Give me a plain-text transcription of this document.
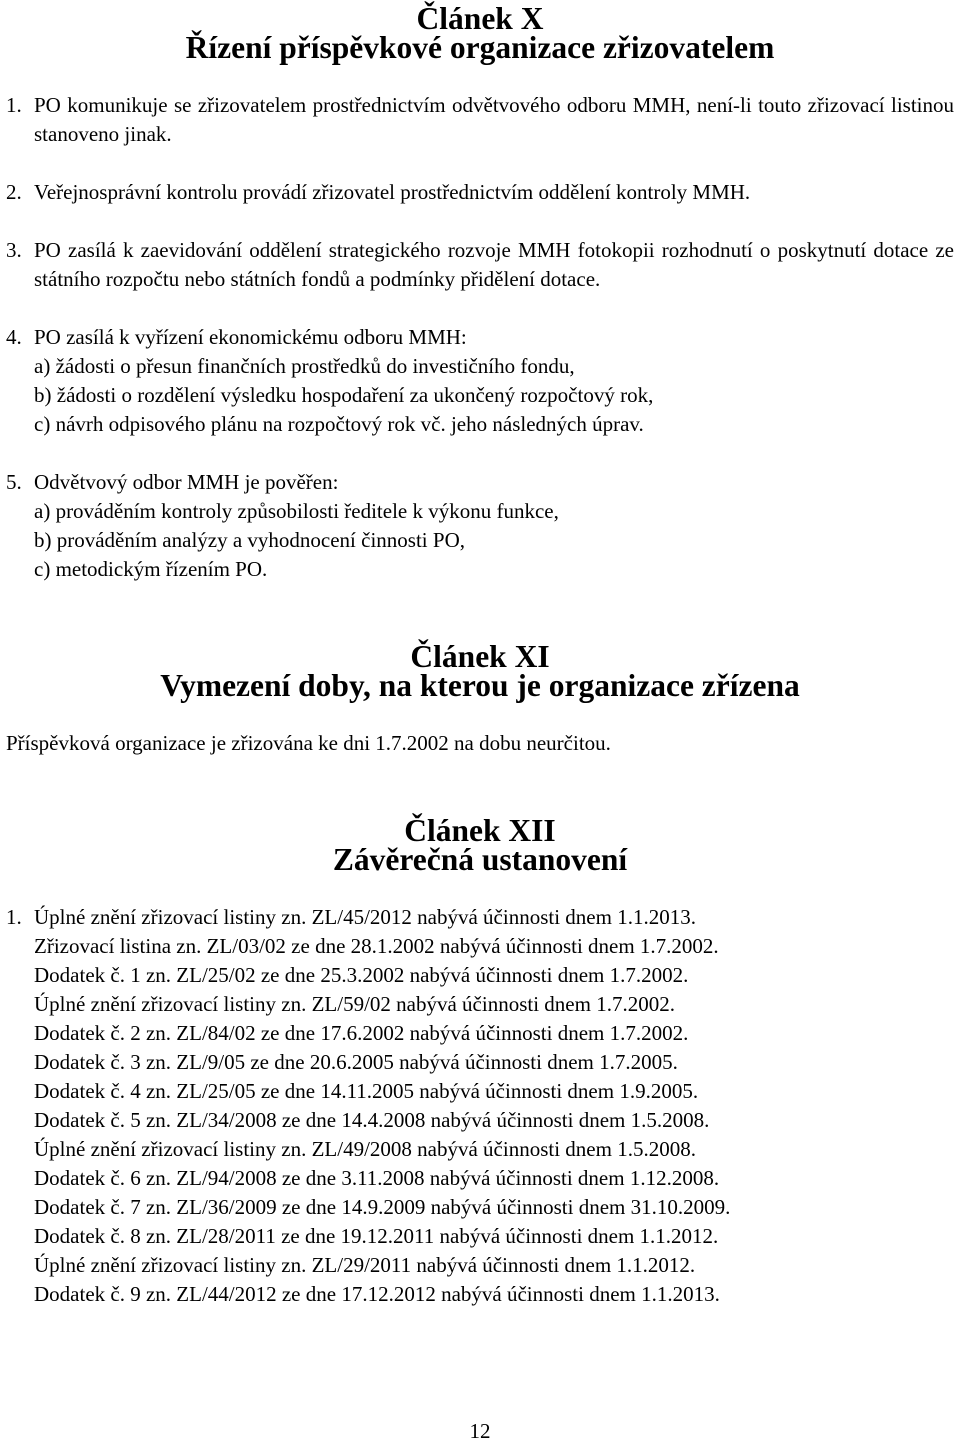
Článek X
Řízení příspěvkové organizace zřizovatelem

1. PO komunikuje se zřizovatelem prostřednictvím odvětvového odboru MMH, není-li touto zřizovací listinou stanoveno jinak.

2. Veřejnosprávní kontrolu provádí zřizovatel prostřednictvím oddělení kontroly MMH.

3. PO zasílá k zaevidování oddělení strategického rozvoje MMH fotokopii rozhodnutí o poskytnutí dotace ze státního rozpočtu nebo státních fondů a podmínky přidělení dotace.

4. PO zasílá k vyřízení ekonomickému odboru MMH:

a) žádosti o přesun finančních prostředků do investičního fondu,

b) žádosti o rozdělení výsledku hospodaření za ukončený rozpočtový rok,

c) návrh odpisového plánu na rozpočtový rok vč. jeho následných úprav.

5. Odvětvový odbor MMH je pověřen:

a) prováděním kontroly způsobilosti ředitele k výkonu funkce,

b) prováděním analýzy a vyhodnocení činnosti PO,

c) metodickým řízením PO.

Článek XI
Vymezení doby, na kterou je organizace zřízena

Příspěvková organizace je zřizována ke dni 1.7.2002 na dobu neurčitou.

Článek XII
Závěrečná ustanovení

1. Úplné znění zřizovací listiny zn. ZL/45/2012 nabývá účinnosti dnem 1.1.2013.

Zřizovací listina zn. ZL/03/02 ze dne 28.1.2002 nabývá účinnosti dnem 1.7.2002.

Dodatek č. 1 zn. ZL/25/02 ze dne 25.3.2002 nabývá účinnosti dnem 1.7.2002.

Úplné znění zřizovací listiny zn. ZL/59/02 nabývá účinnosti dnem 1.7.2002.

Dodatek č. 2 zn. ZL/84/02 ze dne 17.6.2002 nabývá účinnosti dnem 1.7.2002.

Dodatek č. 3 zn. ZL/9/05 ze dne 20.6.2005 nabývá účinnosti dnem 1.7.2005.

Dodatek č. 4 zn. ZL/25/05 ze dne 14.11.2005 nabývá účinnosti dnem 1.9.2005.

Dodatek č. 5 zn. ZL/34/2008 ze dne 14.4.2008 nabývá účinnosti dnem 1.5.2008.

Úplné znění zřizovací listiny zn. ZL/49/2008 nabývá účinnosti dnem 1.5.2008.

Dodatek č. 6 zn. ZL/94/2008 ze dne 3.11.2008 nabývá účinnosti dnem 1.12.2008.

Dodatek č. 7 zn. ZL/36/2009 ze dne 14.9.2009 nabývá účinnosti dnem 31.10.2009.

Dodatek č. 8 zn. ZL/28/2011 ze dne 19.12.2011 nabývá účinnosti dnem 1.1.2012.

Úplné znění zřizovací listiny zn. ZL/29/2011 nabývá účinnosti dnem 1.1.2012.

Dodatek č. 9 zn. ZL/44/2012 ze dne 17.12.2012 nabývá účinnosti dnem 1.1.2013.

12
